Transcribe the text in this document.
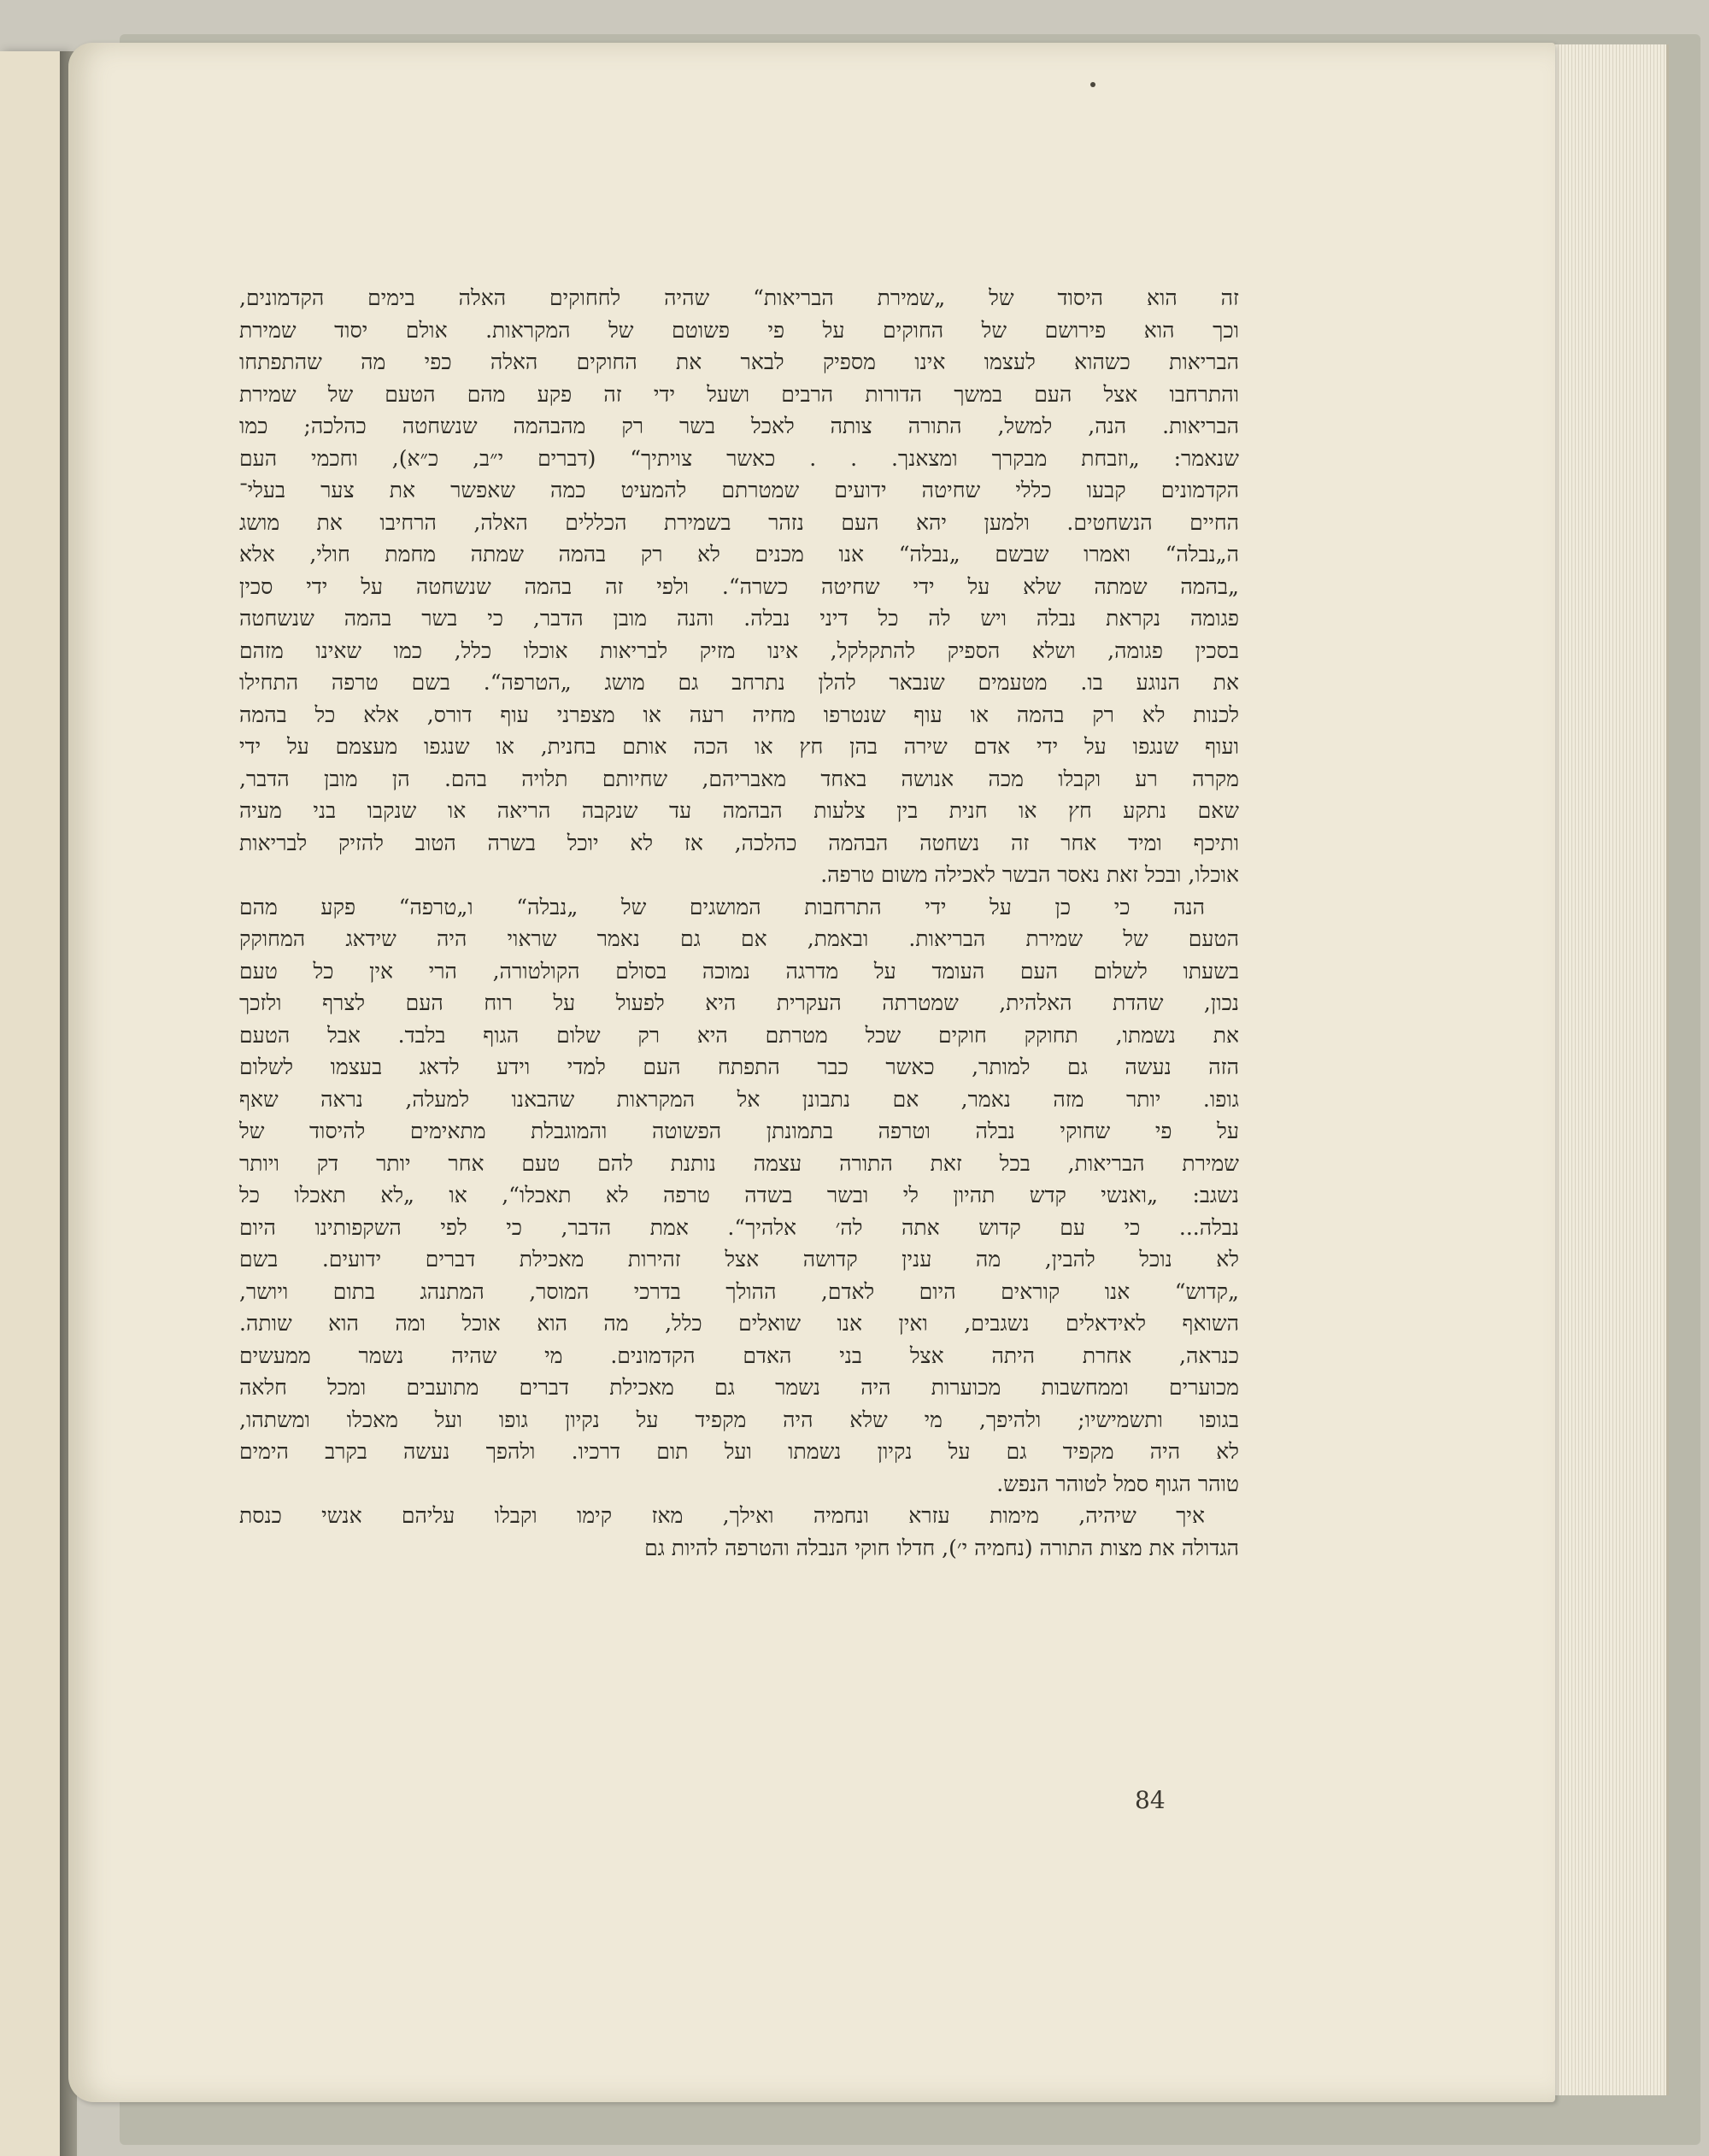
זה הוא היסוד של „שמירת הבריאות“ שהיה לחחוקים האלה בימים הקדמונים,
וכך הוא פירושם של החוקים על פי פשוטם של המקראות. אולם יסוד שמירת
הבריאות כשהוא לעצמו אינו מספיק לבאר את החוקים האלה כפי מה שהתפתחו
והתרחבו אצל העם במשך הדורות הרבים ושעל ידי זה פקע מהם הטעם של שמירת
הבריאות. הנה, למשל, התורה צותה לאכל בשר רק מהבהמה שנשחטה כהלכה; כמו
שנאמר: „וזבחת מבקרך ומצאנך. . . כאשר צויתיך“ (דברים י״ב, כ״א), וחכמי העם
הקדמונים קבעו כללי שחיטה ידועים שמטרתם להמעיט כמה שאפשר את צער בעלי־
החיים הנשחטים. ולמען יהא העם נזהר בשמירת הכללים האלה, הרחיבו את מושג
ה„נבלה“ ואמרו שבשם „נבלה“ אנו מכנים לא רק בהמה שמתה מחמת חולי, אלא
„בהמה שמתה שלא על ידי שחיטה כשרה“. ולפי זה בהמה שנשחטה על ידי סכין
פגומה נקראת נבלה ויש לה כל דיני נבלה. והנה מובן הדבר, כי בשר בהמה שנשחטה
בסכין פגומה, ושלא הספיק להתקלקל, אינו מזיק לבריאות אוכלו כלל, כמו שאינו מזהם
את הנוגע בו. מטעמים שנבאר להלן נתרחב גם מושג „הטרפה“. בשם טרפה התחילו
לכנות לא רק בהמה או עוף שנטרפו מחיה רעה או מצפרני עוף דורס, אלא כל בהמה
ועוף שנגפו על ידי אדם שירה בהן חץ או הכה אותם בחנית, או שנגפו מעצמם על ידי
מקרה רע וקבלו מכה אנושה באחד מאבריהם, שחיותם תלויה בהם. הן מובן הדבר,
שאם נתקע חץ או חנית בין צלעות הבהמה עד שנקבה הריאה או שנקבו בני מעיה
ותיכף ומיד אחר זה נשחטה הבהמה כהלכה, אז לא יוכל בשרה הטוב להזיק לבריאות
אוכלו, ובכל זאת נאסר הבשר לאכילה משום טרפה.
הנה כי כן על ידי התרחבות המושגים של „נבלה“ ו„טרפה“ פקע מהם
הטעם של שמירת הבריאות. ובאמת, אם גם נאמר שראוי היה שידאג המחוקק
בשעתו לשלום העם העומד על מדרגה נמוכה בסולם הקולטורה, הרי אין כל טעם
נכון, שהדת האלהית, שמטרתה העקרית היא לפעול על רוח העם לצרף ולזכך
את נשמתו, תחוקק חוקים שכל מטרתם היא רק שלום הגוף בלבד. אבל הטעם
הזה נעשה גם למותר, כאשר כבר התפתח העם למדי וידע לדאג בעצמו לשלום
גופו. יותר מזה נאמר, אם נתבונן אל המקראות שהבאנו למעלה, נראה שאף
על פי שחוקי נבלה וטרפה בתמונתן הפשוטה והמוגבלת מתאימים להיסוד של
שמירת הבריאות, בכל זאת התורה עצמה נותנת להם טעם אחר יותר דק ויותר
נשגב: „ואנשי קדש תהיון לי ובשר בשדה טרפה לא תאכלו“, או „לא תאכלו כל
נבלה... כי עם קדוש אתה לה׳ אלהיך“. אמת הדבר, כי לפי השקפותינו היום
לא נוכל להבין, מה ענין קדושה אצל זהירות מאכילת דברים ידועים. בשם
„קדוש“ אנו קוראים היום לאדם, ההולך בדרכי המוסר, המתנהג בתום ויושר,
השואף לאידאלים נשגבים, ואין אנו שואלים כלל, מה הוא אוכל ומה הוא שותה.
כנראה, אחרת היתה אצל בני האדם הקדמונים. מי שהיה נשמר ממעשים
מכוערים וממחשבות מכוערות היה נשמר גם מאכילת דברים מתועבים ומכל חלאה
בגופו ותשמישיו; ולהיפך, מי שלא היה מקפיד על נקיון גופו ועל מאכלו ומשתהו,
לא היה מקפיד גם על נקיון נשמתו ועל תום דרכיו. ולהפך נעשה בקרב הימים
טוהר הגוף סמל לטוהר הנפש.
איך שיהיה, מימות עזרא ונחמיה ואילך, מאז קימו וקבלו עליהם אנשי כנסת
הגדולה את מצות התורה (נחמיה י׳), חדלו חוקי הנבלה והטרפה להיות גם
84
